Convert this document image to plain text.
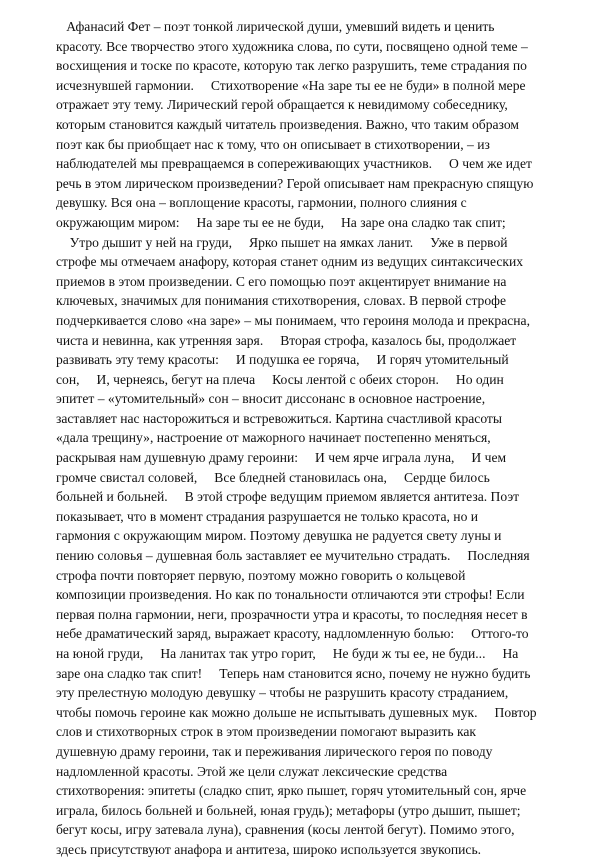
Афанасий Фет – поэт тонкой лирической души, умевший видеть и ценить
красоту. Все творчество этого художника слова, по сути, посвящено одной теме –
восхищения и тоске по красоте, которую так легко разрушить, теме страдания по
исчезнувшей гармонии.     Стихотворение «На заре ты ее не буди» в полной мере
отражает эту тему. Лирический герой обращается к невидимому собеседнику,
которым становится каждый читатель произведения. Важно, что таким образом
поэт как бы приобщает нас к тому, что он описывает в стихотворении, – из
наблюдателей мы превращаемся в сопереживающих участников.     О чем же идет
речь в этом лирическом произведении? Герой описывает нам прекрасную спящую
девушку. Вся она – воплощение красоты, гармонии, полного слияния с
окружающим миром:     На заре ты ее не буди,     На заре она сладко так спит;
Утро дышит у ней на груди,     Ярко пышет на ямках ланит.     Уже в первой
строфе мы отмечаем анафору, которая станет одним из ведущих синтаксических
приемов в этом произведении. С его помощью поэт акцентирует внимание на
ключевых, значимых для понимания стихотворения, словах. В первой строфе
подчеркивается слово «на заре» – мы понимаем, что героиня молода и прекрасна,
чиста и невинна, как утренняя заря.     Вторая строфа, казалось бы, продолжает
развивать эту тему красоты:     И подушка ее горяча,     И горяч утомительный
сон,     И, чернеясь, бегут на плеча     Косы лентой с обеих сторон.     Но один
эпитет – «утомительный» сон – вносит диссонанс в основное настроение,
заставляет нас насторожиться и встревожиться. Картина счастливой красоты
«дала трещину», настроение от мажорного начинает постепенно меняться,
раскрывая нам душевную драму героини:     И чем ярче играла луна,     И чем
громче свистал соловей,     Все бледней становилась она,     Сердце билось
больней и больней.     В этой строфе ведущим приемом является антитеза. Поэт
показывает, что в момент страдания разрушается не только красота, но и
гармония с окружающим миром. Поэтому девушка не радуется свету луны и
пению соловья – душевная боль заставляет ее мучительно страдать.     Последняя
строфа почти повторяет первую, поэтому можно говорить о кольцевой
композиции произведения. Но как по тональности отличаются эти строфы! Если
первая полна гармонии, неги, прозрачности утра и красоты, то последняя несет в
небе драматический заряд, выражает красоту, надломленную болью:     Оттого-то
на юной груди,     На ланитах так утро горит,     Не буди ж ты ее, не буди...     На
заре она сладко так спит!     Теперь нам становится ясно, почему не нужно будить
эту прелестную молодую девушку – чтобы не разрушить красоту страданием,
чтобы помочь героине как можно дольше не испытывать душевных мук.     Повтор
слов и стихотворных строк в этом произведении помогают выразить как
душевную драму героини, так и переживания лирического героя по поводу
надломленной красоты. Этой же цели служат лексические средства
стихотворения: эпитеты (сладко спит, ярко пышет, горяч утомительный сон, ярче
играла, билось больней и больней, юная грудь); метафоры (утро дышит, пышет;
бегут косы, игру затевала луна), сравнения (косы лентой бегут). Помимо этого,
здесь присутствуют анафора и антитеза, широко используется звукопись.
